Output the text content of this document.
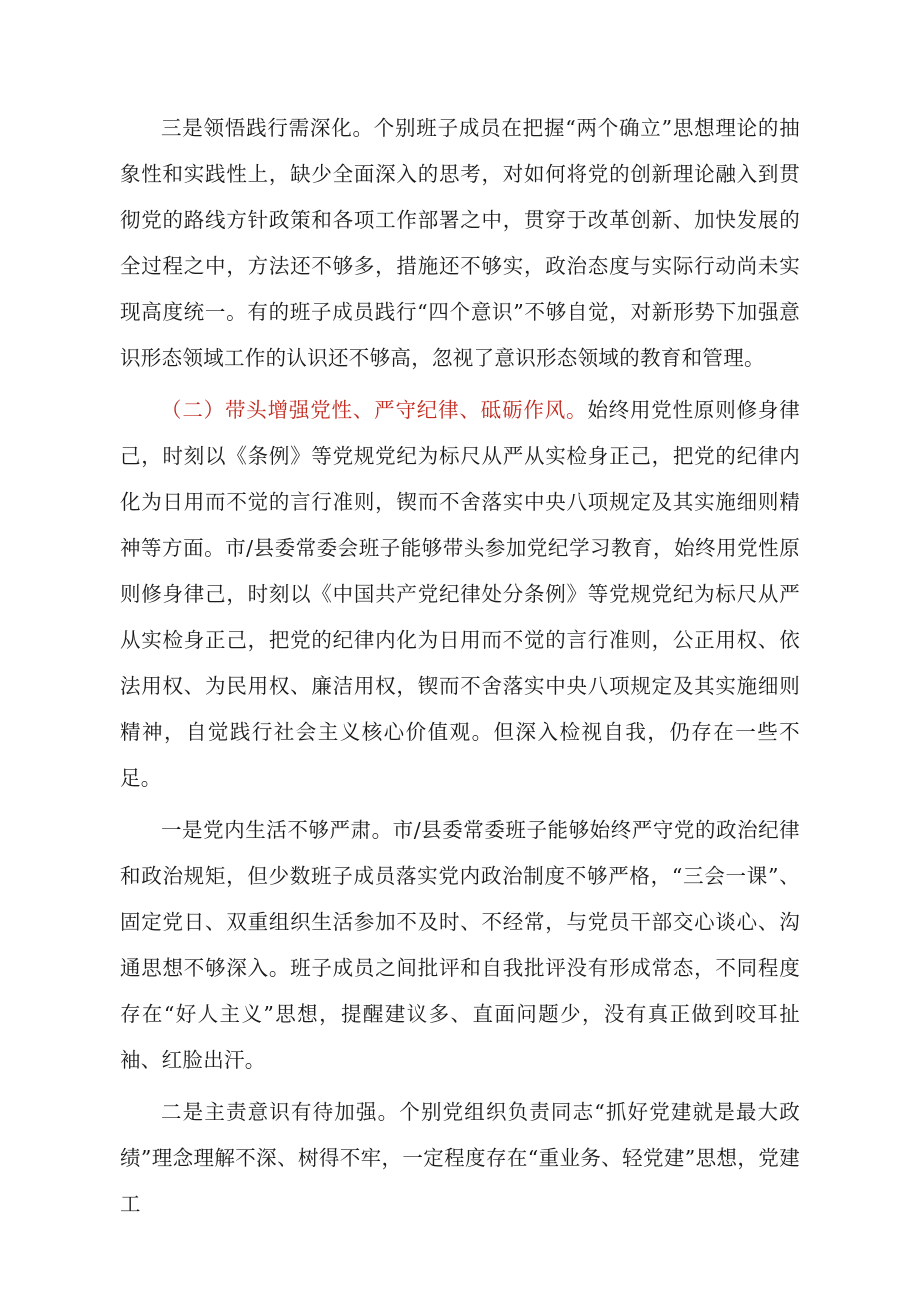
三是领悟践行需深化。个别班子成员在把握“两个确立”思想理论的抽象性和实践性上，缺少全面深入的思考，对如何将党的创新理论融入到贯彻党的路线方针政策和各项工作部署之中，贯穿于改革创新、加快发展的全过程之中，方法还不够多，措施还不够实，政治态度与实际行动尚未实现高度统一。有的班子成员践行“四个意识”不够自觉，对新形势下加强意识形态领域工作的认识还不够高，忽视了意识形态领域的教育和管理。

（二）带头增强党性、严守纪律、砥砺作风。始终用党性原则修身律己，时刻以《条例》等党规党纪为标尺从严从实检身正己，把党的纪律内化为日用而不觉的言行准则，锲而不舍落实中央八项规定及其实施细则精神等方面。市/县委常委会班子能够带头参加党纪学习教育，始终用党性原则修身律己，时刻以《中国共产党纪律处分条例》等党规党纪为标尺从严从实检身正己，把党的纪律内化为日用而不觉的言行准则，公正用权、依法用权、为民用权、廉洁用权，锲而不舍落实中央八项规定及其实施细则精神，自觉践行社会主义核心价值观。但深入检视自我，仍存在一些不足。

一是党内生活不够严肃。市/县委常委班子能够始终严守党的政治纪律和政治规矩，但少数班子成员落实党内政治制度不够严格，“三会一课”、固定党日、双重组织生活参加不及时、不经常，与党员干部交心谈心、沟通思想不够深入。班子成员之间批评和自我批评没有形成常态，不同程度存在“好人主义”思想，提醒建议多、直面问题少，没有真正做到咬耳扯袖、红脸出汗。

二是主责意识有待加强。个别党组织负责同志“抓好党建就是最大政绩”理念理解不深、树得不牢，一定程度存在“重业务、轻党建”思想，党建工
